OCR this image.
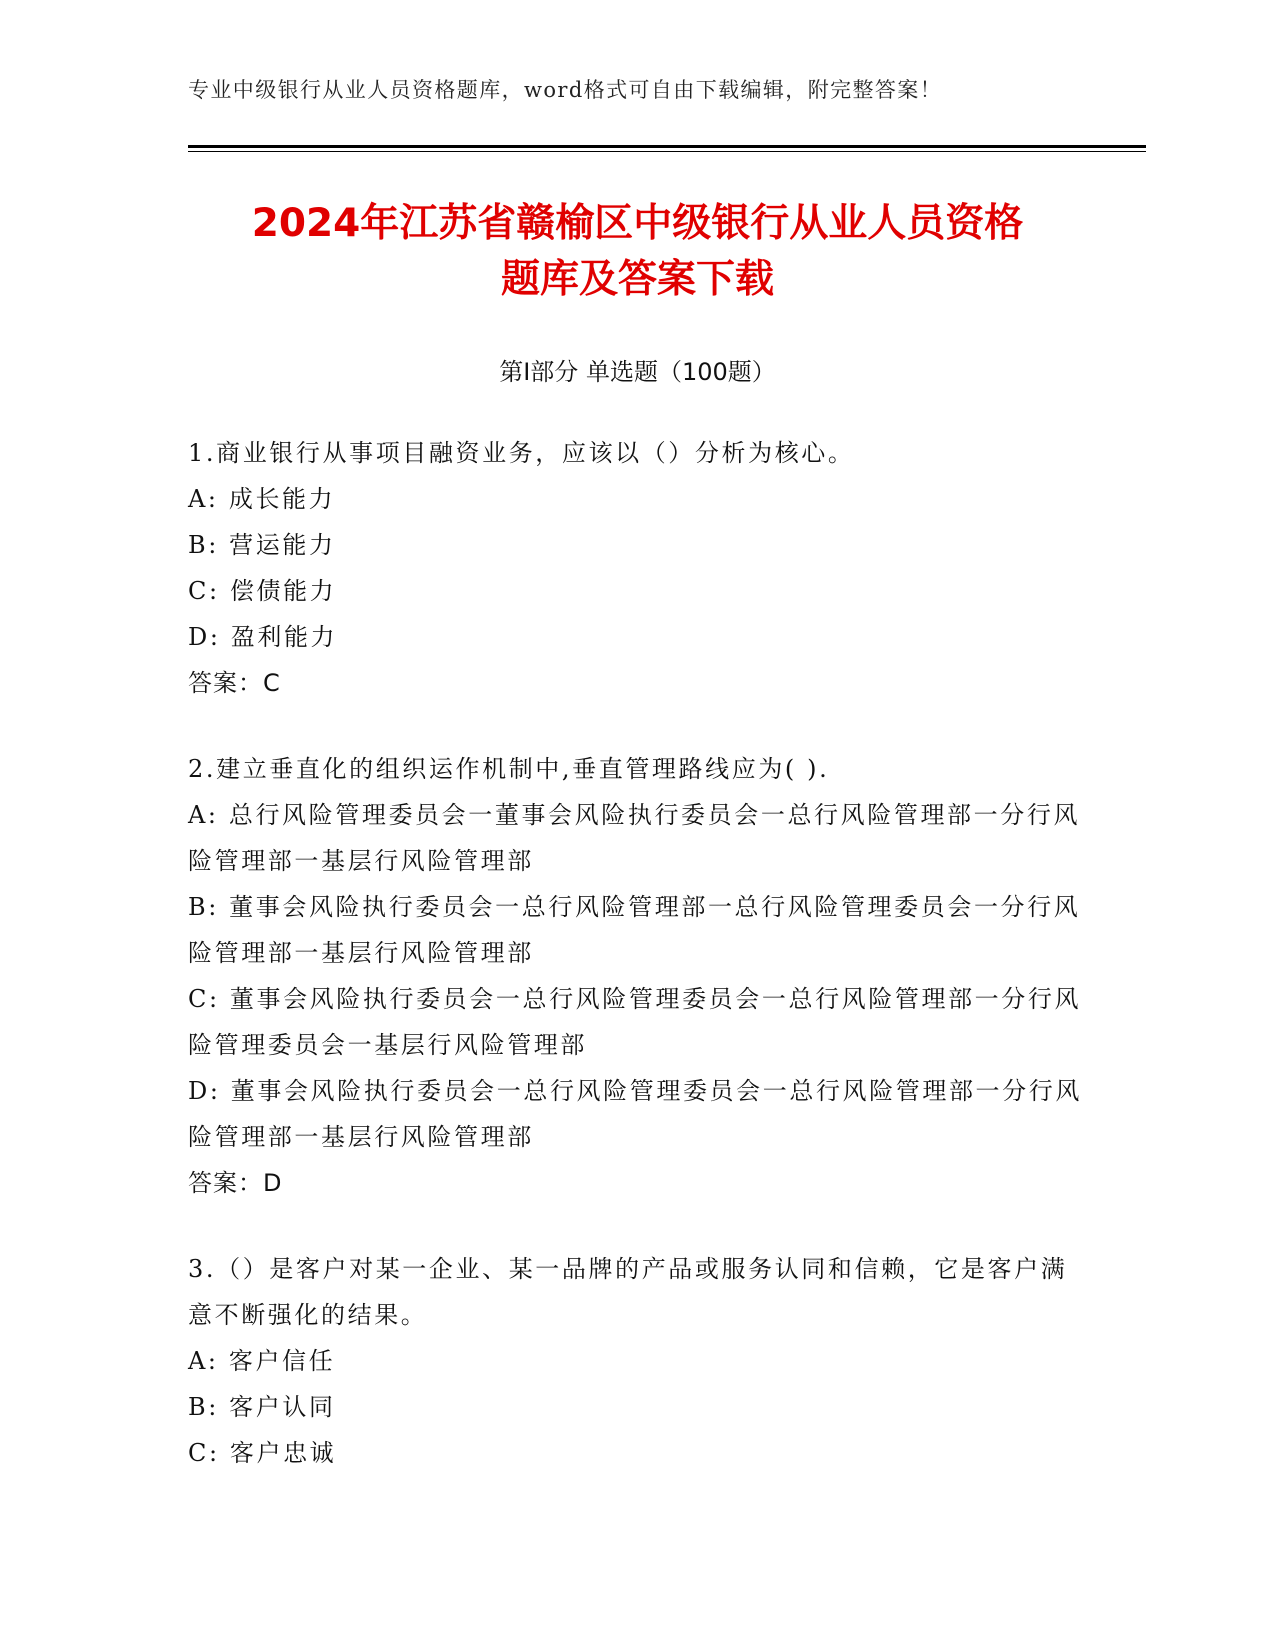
专业中级银行从业人员资格题库，word格式可自由下载编辑，附完整答案！
2024年江苏省赣榆区中级银行从业人员资格
题库及答案下载
第Ⅰ部分 单选题（100题）
1.商业银行从事项目融资业务，应该以（）分析为核心。
A: 成长能力
B: 营运能力
C: 偿债能力
D: 盈利能力
答案：C
2.建立垂直化的组织运作机制中,垂直管理路线应为( ).
A: 总行风险管理委员会一董事会风险执行委员会一总行风险管理部一分行风险管理部一基层行风险管理部
B: 董事会风险执行委员会一总行风险管理部一总行风险管理委员会一分行风险管理部一基层行风险管理部
C: 董事会风险执行委员会一总行风险管理委员会一总行风险管理部一分行风险管理委员会一基层行风险管理部
D: 董事会风险执行委员会一总行风险管理委员会一总行风险管理部一分行风险管理部一基层行风险管理部
答案：D
3.（）是客户对某一企业、某一品牌的产品或服务认同和信赖，它是客户满意不断强化的结果。
A: 客户信任
B: 客户认同
C: 客户忠诚
